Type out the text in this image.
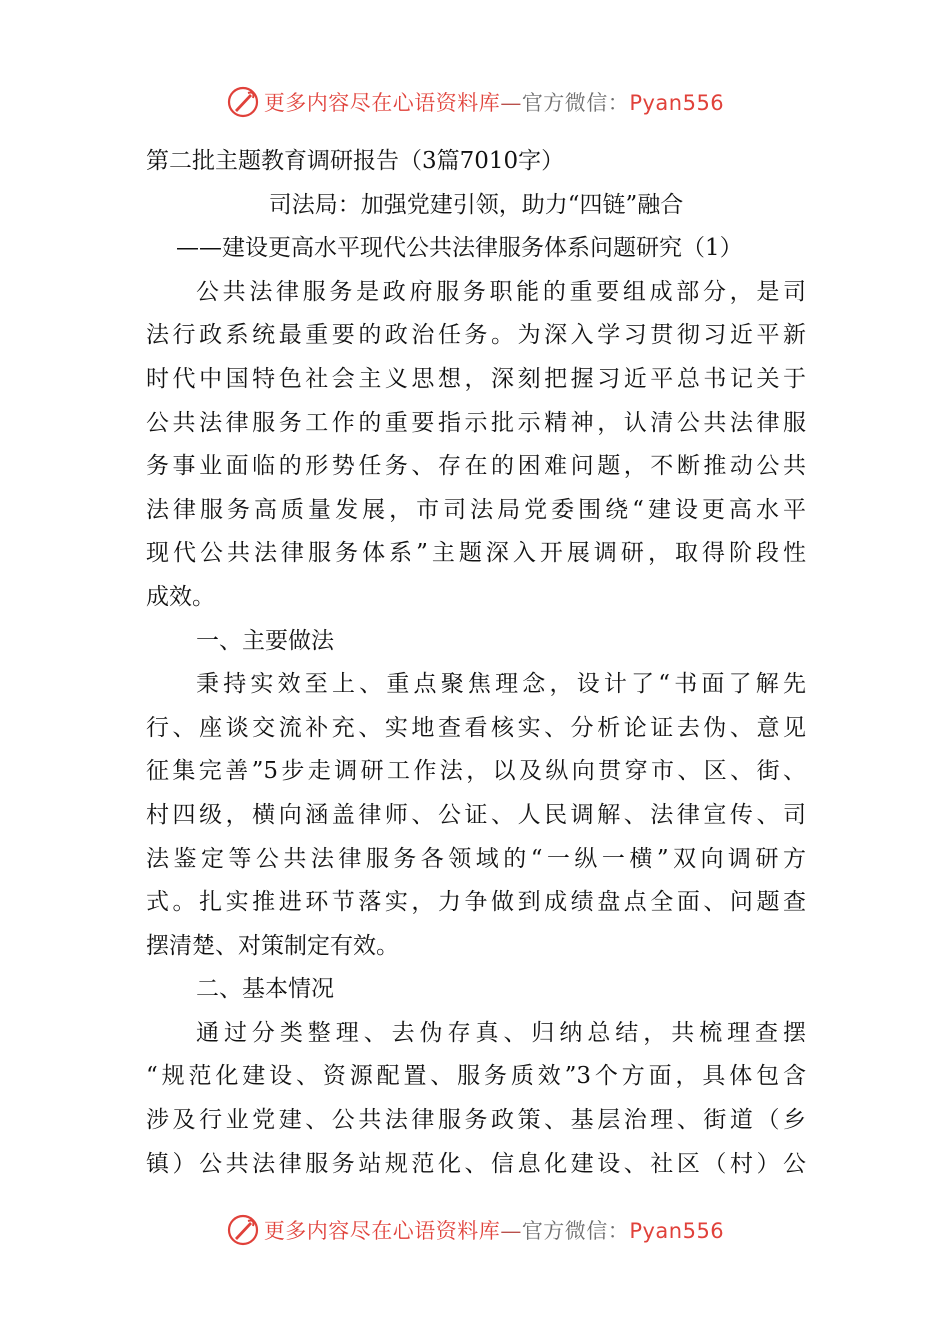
更多内容尽在心语资料库—官方微信：Pyan556
第二批主题教育调研报告（3篇7010字）
司法局：加强党建引领，助力“四链”融合
——建设更高水平现代公共法律服务体系问题研究（1）
公共法律服务是政府服务职能的重要组成部分，是司
法行政系统最重要的政治任务。为深入学习贯彻习近平新
时代中国特色社会主义思想，深刻把握习近平总书记关于
公共法律服务工作的重要指示批示精神，认清公共法律服
务事业面临的形势任务、存在的困难问题，不断推动公共
法律服务高质量发展，市司法局党委围绕“建设更高水平
现代公共法律服务体系”主题深入开展调研，取得阶段性
成效。
一、主要做法
秉持实效至上、重点聚焦理念，设计了“书面了解先
行、座谈交流补充、实地查看核实、分析论证去伪、意见
征集完善”5步走调研工作法，以及纵向贯穿市、区、街、
村四级，横向涵盖律师、公证、人民调解、法律宣传、司
法鉴定等公共法律服务各领域的“一纵一横”双向调研方
式。扎实推进环节落实，力争做到成绩盘点全面、问题查
摆清楚、对策制定有效。
二、基本情况
通过分类整理、去伪存真、归纳总结，共梳理查摆
“规范化建设、资源配置、服务质效”3个方面，具体包含
涉及行业党建、公共法律服务政策、基层治理、街道（乡
镇）公共法律服务站规范化、信息化建设、社区（村）公
更多内容尽在心语资料库—官方微信：Pyan556
